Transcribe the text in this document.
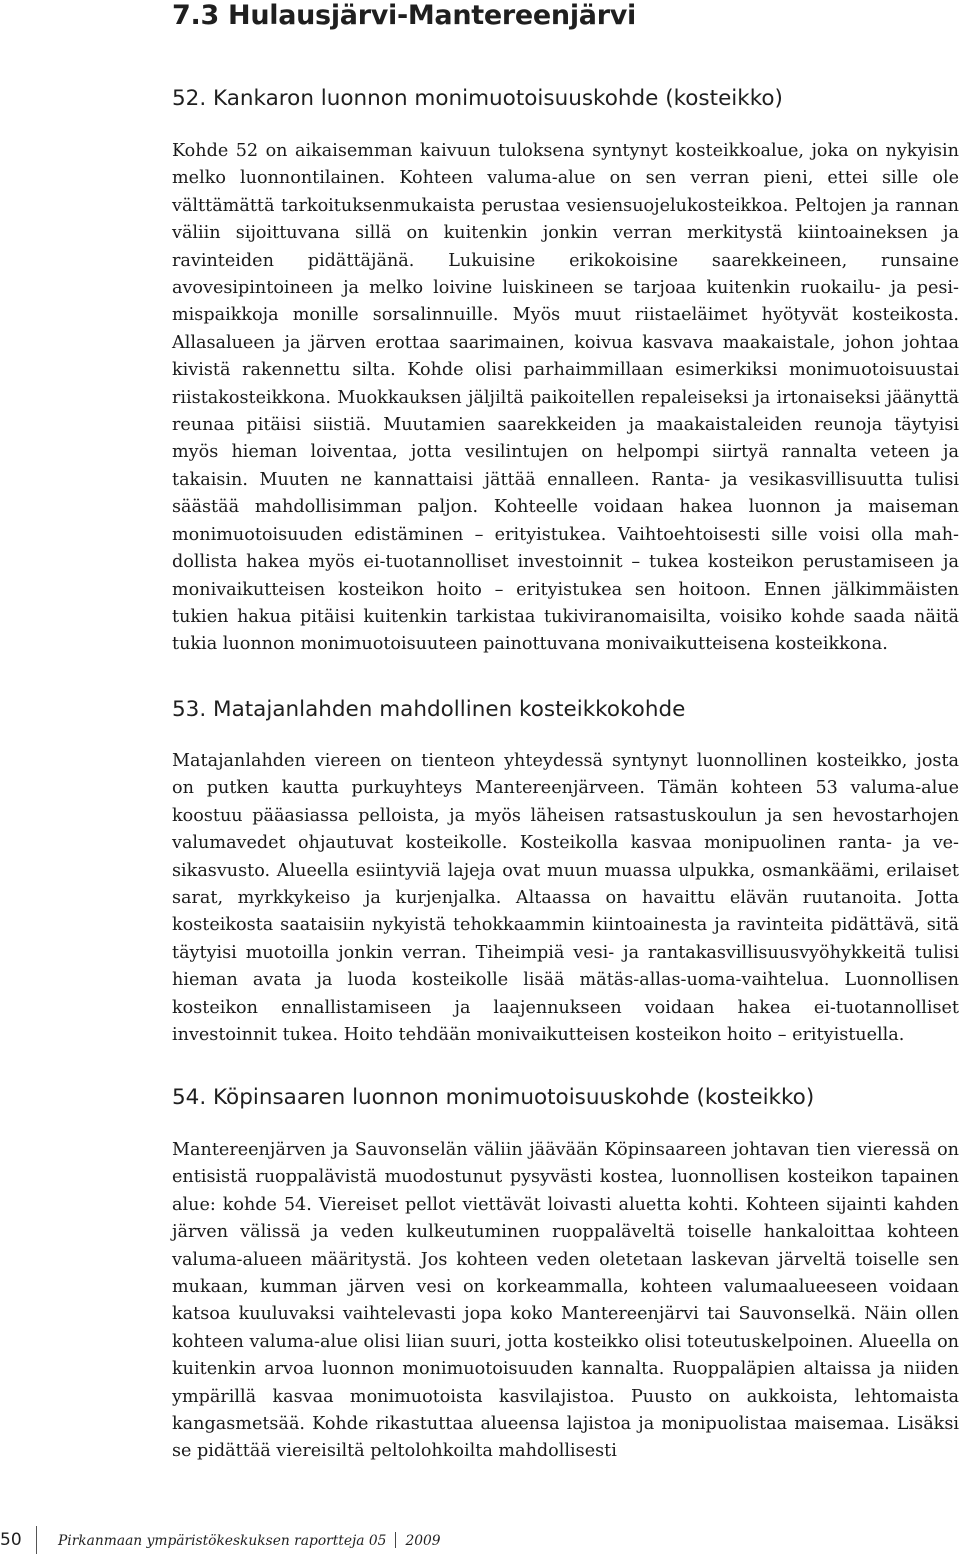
7.3 Hulausjärvi-Mantereenjärvi
52. Kankaron luonnon monimuotoisuuskohde (kosteikko)

Kohde 52 on aikaisemman kaivuun tuloksena syntynyt kosteikkoalue, joka on nykyisin melko luonnontilainen. Kohteen valuma-alue on sen verran pieni, ettei sille ole välttämättä tarkoituksenmukaista perustaa vesiensuojelukosteikkoa. Peltojen ja rannan väliin sijoittuvana sillä on kuitenkin jonkin verran merkitystä kiintoaineksen ja ravinteiden pidättäjänä. Lukuisine erikokoisine saarekkeineen, runsaine avovesipintoineen ja melko loivine luiskineen se tarjoaa kuitenkin ruokailu- ja pesimispaikkoja monille sorsalinnuille. Myös muut riistaeläimet hyötyvät kosteikosta. Allasalueen ja järven erottaa saarimainen, koivua kasvava maakaistale, johon johtaa kivistä rakennettu silta. Kohde olisi parhaimmillaan esimerkiksi monimuotoisuustai riistakosteikkona. Muokkauksen jäljiltä paikoitellen repaleiseksi ja irtonaiseksi jäänyttä reunaa pitäisi siistiä. Muutamien saarekkeiden ja maakaistaleiden reunoja täytyisi myös hieman loiventaa, jotta vesilintujen on helpompi siirtyä rannalta veteen ja takaisin. Muuten ne kannattaisi jättää ennalleen. Ranta- ja vesikasvillisuutta tulisi säästää mahdollisimman paljon. Kohteelle voidaan hakea luonnon ja maiseman monimuotoisuuden edistäminen – erityistukea. Vaihtoehtoisesti sille voisi olla mahdollista hakea myös ei-tuotannolliset investoinnit – tukea kosteikon perustamiseen ja monivaikutteisen kosteikon hoito – erityistukea sen hoitoon. Ennen jälkimmäisten tukien hakua pitäisi kuitenkin tarkistaa tukiviranomaisilta, voisiko kohde saada näitä tukia luonnon monimuotoisuuteen painottuvana monivaikutteisena kosteikkona.

53. Matajanlahden mahdollinen kosteikkokohde

Matajanlahden viereen on tienteon yhteydessä syntynyt luonnollinen kosteikko, josta on putken kautta purkuyhteys Mantereenjärveen. Tämän kohteen 53 valuma-alue koostuu pääasiassa pelloista, ja myös läheisen ratsastuskoulun ja sen hevostarhojen valumavedet ohjautuvat kosteikolle. Kosteikolla kasvaa monipuolinen ranta- ja vesikasvusto. Alueella esiintyviä lajeja ovat muun muassa ulpukka, osmankäämi, erilaiset sarat, myrkkykeiso ja kurjenjalka. Altaassa on havaittu elävän ruutanoita. Jotta kosteikosta saataisiin nykyistä tehokkaammin kiintoainesta ja ravinteita pidättävä, sitä täytyisi muotoilla jonkin verran. Tiheimpiä vesi- ja rantakasvillisuusvyöhykkeitä tulisi hieman avata ja luoda kosteikolle lisää mätäs-allas-uoma-vaihtelua. Luonnollisen kosteikon ennallistamiseen ja laajennukseen voidaan hakea ei-tuotannolliset investoinnit tukea. Hoito tehdään monivaikutteisen kosteikon hoito – erityistuella.

54. Köpinsaaren luonnon monimuotoisuuskohde (kosteikko)

Mantereenjärven ja Sauvonselän väliin jäävään Köpinsaareen johtavan tien vieressä on entisistä ruoppalävistä muodostunut pysyvästi kostea, luonnollisen kosteikon tapainen alue: kohde 54. Viereiset pellot viettävät loivasti aluetta kohti. Kohteen sijainti kahden järven välissä ja veden kulkeutuminen ruoppaläveltä toiselle hankaloittaa kohteen valuma-alueen määritystä. Jos kohteen veden oletetaan laskevan järveltä toiselle sen mukaan, kumman järven vesi on korkeammalla, kohteen valumaalueeseen voidaan katsoa kuuluvaksi vaihtelevasti jopa koko Mantereenjärvi tai Sauvonselkä. Näin ollen kohteen valuma-alue olisi liian suuri, jotta kosteikko olisi toteutuskelpoinen. Alueella on kuitenkin arvoa luonnon monimuotoisuuden kannalta. Ruoppaläpien altaissa ja niiden ympärillä kasvaa monimuotoista kasvilajistoa. Puusto on aukkoista, lehtomaista kangasmetsää. Kohde rikastuttaa alueensa lajistoa ja monipuolistaa maisemaa. Lisäksi se pidättää viereisiltä peltolohkoilta mahdollisesti

50	Pirkanmaan ympäristökeskuksen raportteja 05 2009
